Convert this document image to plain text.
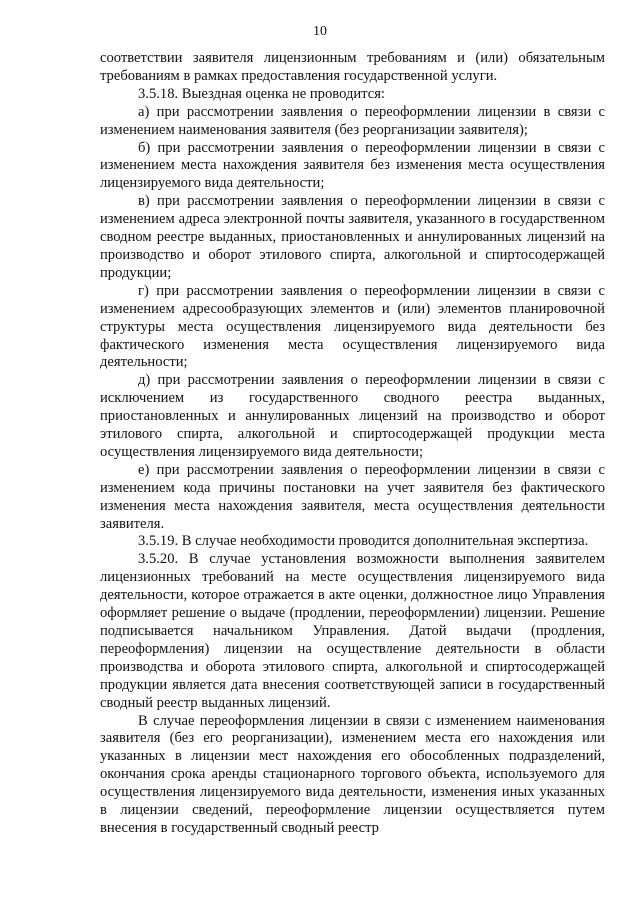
10

соответствии заявителя лицензионным требованиям и (или) обязательным требованиям в рамках предоставления государственной услуги.

3.5.18. Выездная оценка не проводится:

а) при рассмотрении заявления о переоформлении лицензии в связи с изменением наименования заявителя (без реорганизации заявителя);

б) при рассмотрении заявления о переоформлении лицензии в связи с изменением места нахождения заявителя без изменения места осуществления лицензируемого вида деятельности;

в) при рассмотрении заявления о переоформлении лицензии в связи с изменением адреса электронной почты заявителя, указанного в государственном сводном реестре выданных, приостановленных и аннулированных лицензий на производство и оборот этилового спирта, алкогольной и спиртосодержащей продукции;

г) при рассмотрении заявления о переоформлении лицензии в связи с изменением адресообразующих элементов и (или) элементов планировочной структуры места осуществления лицензируемого вида деятельности без фактического изменения места осуществления лицензируемого вида деятельности;

д) при рассмотрении заявления о переоформлении лицензии в связи с исключением из государственного сводного реестра выданных, приостановленных и аннулированных лицензий на производство и оборот этилового спирта, алкогольной и спиртосодержащей продукции места осуществления лицензируемого вида деятельности;

е) при рассмотрении заявления о переоформлении лицензии в связи с изменением кода причины постановки на учет заявителя без фактического изменения места нахождения заявителя, места осуществления деятельности заявителя.

3.5.19. В случае необходимости проводится дополнительная экспертиза.

3.5.20. В случае установления возможности выполнения заявителем лицензионных требований на месте осуществления лицензируемого вида деятельности, которое отражается в акте оценки, должностное лицо Управления оформляет решение о выдаче (продлении, переоформлении) лицензии. Решение подписывается начальником Управления. Датой выдачи (продления, переоформления) лицензии на осуществление деятельности в области производства и оборота этилового спирта, алкогольной и спиртосодержащей продукции является дата внесения соответствующей записи в государственный сводный реестр выданных лицензий.

В случае переоформления лицензии в связи с изменением наименования заявителя (без его реорганизации), изменением места его нахождения или указанных в лицензии мест нахождения его обособленных подразделений, окончания срока аренды стационарного торгового объекта, используемого для осуществления лицензируемого вида деятельности, изменения иных указанных в лицензии сведений, переоформление лицензии осуществляется путем внесения в государственный сводный реестр
